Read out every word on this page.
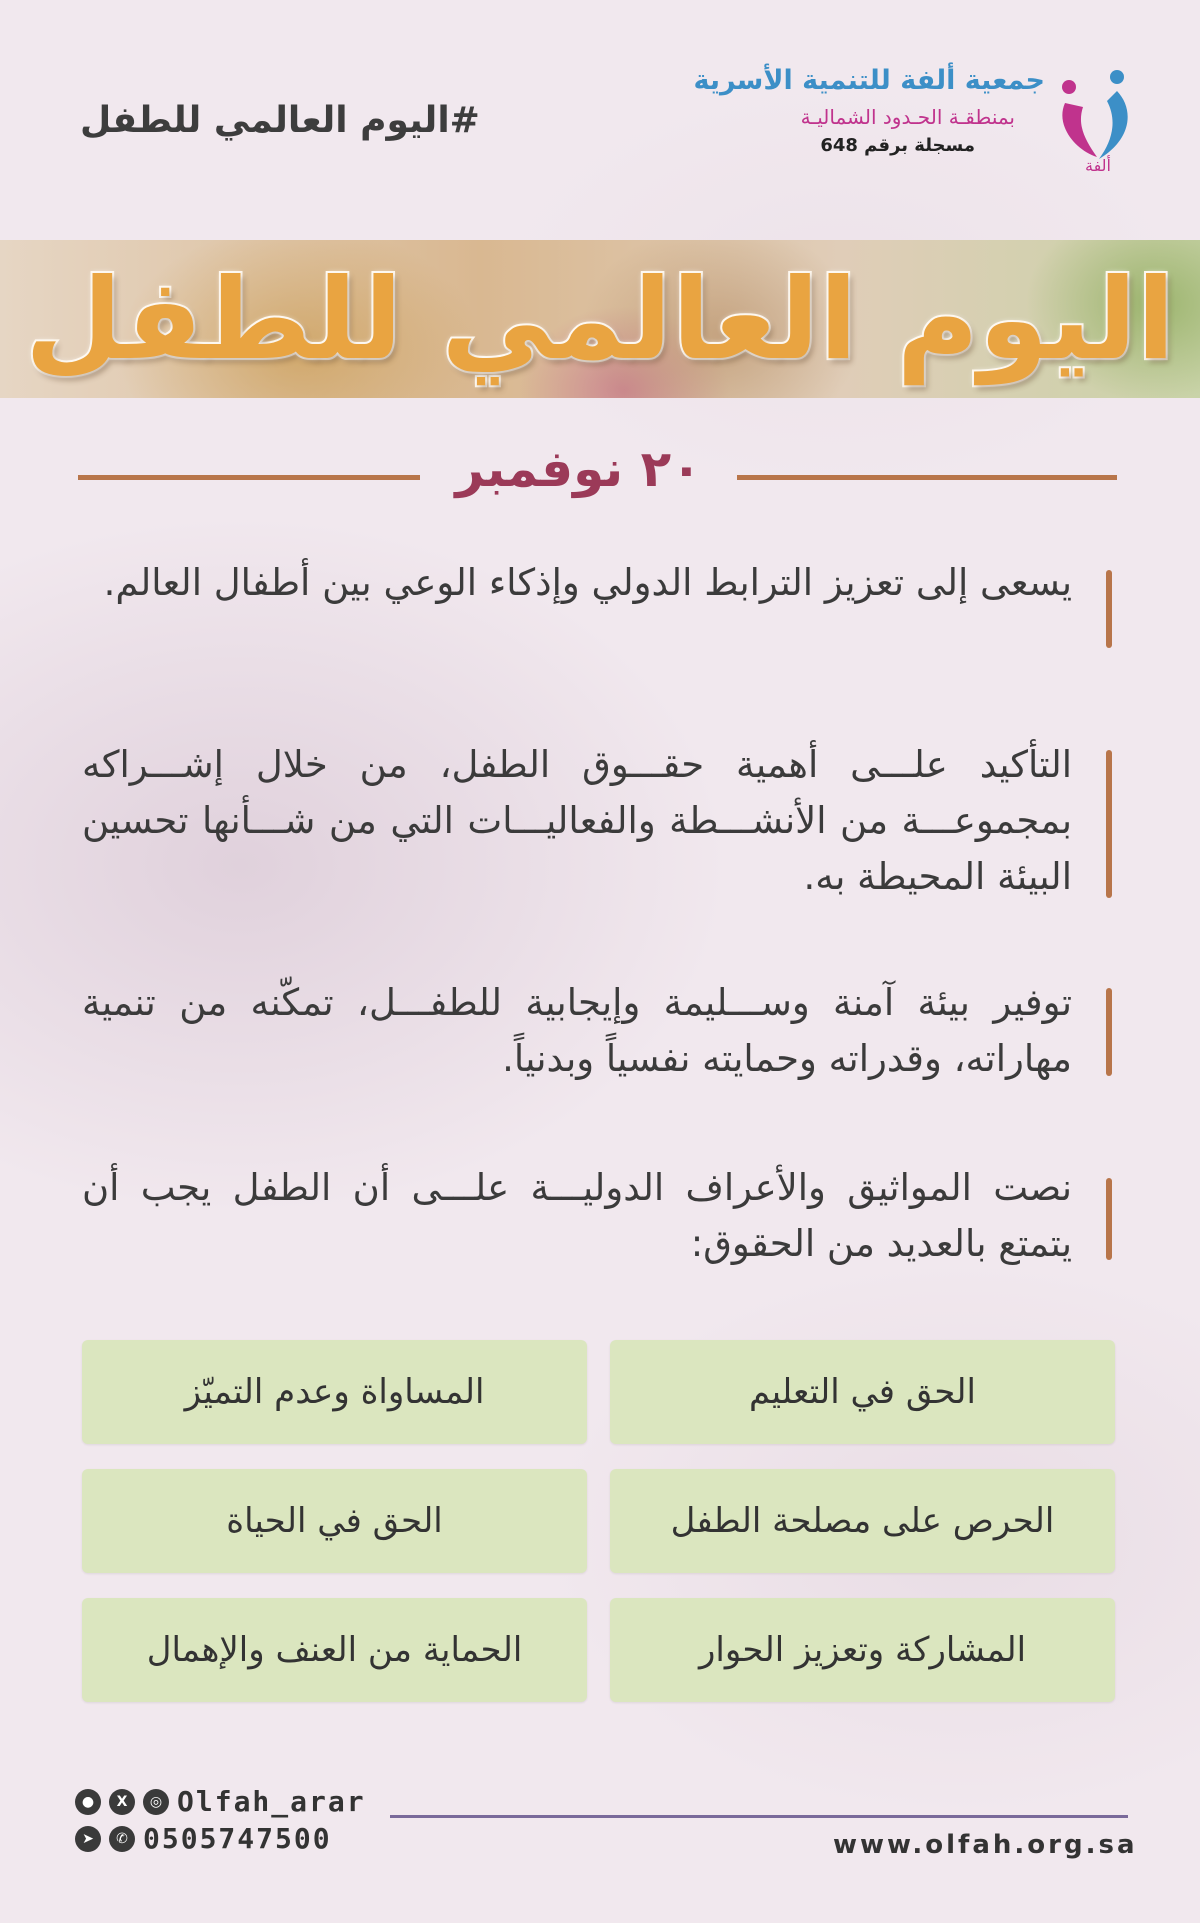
#اليوم العالمي للطفل
جمعية ألفة للتنمية الأسرية
بمنطقـة الحـدود الشماليـة
مسجلة برقم 648
ألفة
اليوم العالمي للطفل
٢٠ نوفمبر
يسعى إلى تعزيز الترابط الدولي وإذكاء الوعي بين أطفال العالم.
التأكيد علـــى أهمية حقـــوق الطفل، من خلال إشـــراكه بمجموعـــة من الأنشـــطة والفعاليـــات التي من شـــأنها تحسين البيئة المحيطة به.
توفير بيئة آمنة وســـليمة وإيجابية للطفـــل، تمكّنه من تنمية مهاراته، وقدراته وحمايته نفسياً وبدنياً.
نصت المواثيق والأعراف الدوليـــة علـــى أن الطفل يجب أن يتمتع بالعديد من الحقوق:
الحق في التعليم
المساواة وعدم التميّز
الحرص على مصلحة الطفل
الحق في الحياة
المشاركة وتعزيز الحوار
الحماية من العنف والإهمال
●	X	◎ Olfah_arar
➤	✆ 0505747500	www.olfah.org.sa
